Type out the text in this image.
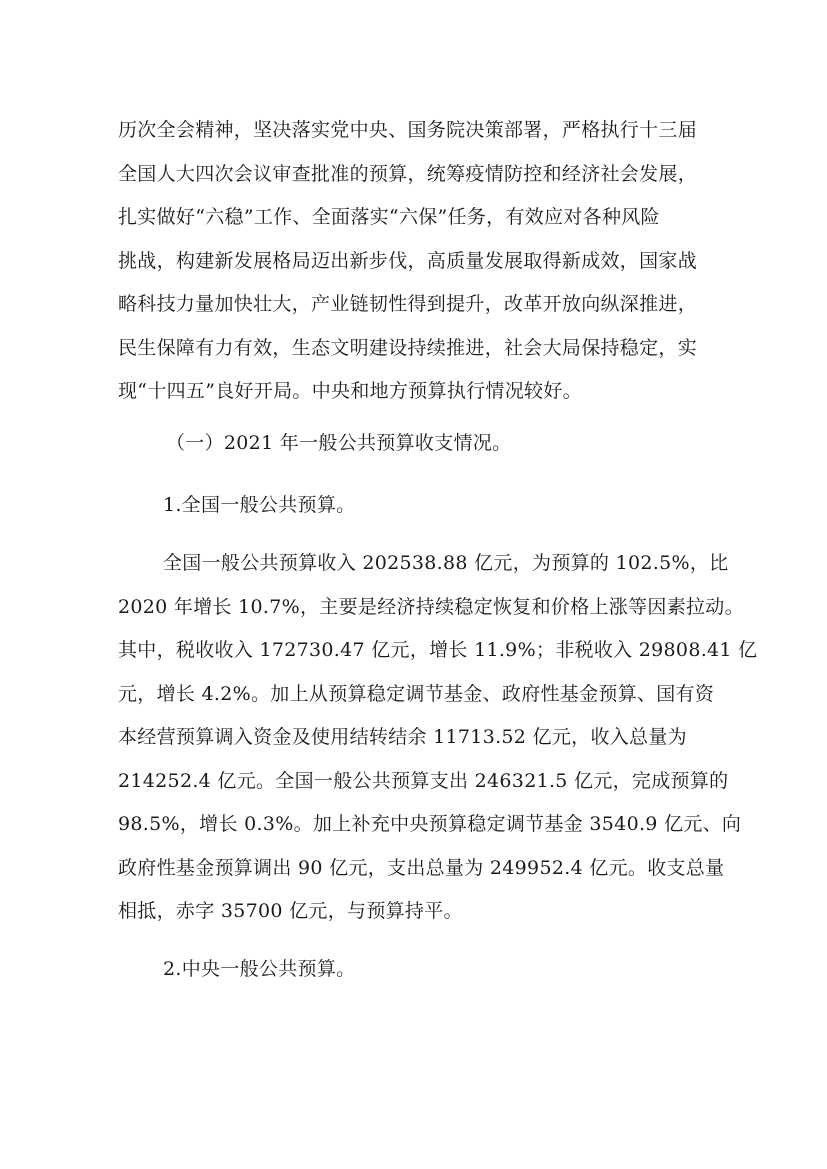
历次全会精神，坚决落实党中央、国务院决策部署，严格执行十三届
全国人大四次会议审查批准的预算，统筹疫情防控和经济社会发展，
扎实做好“六稳”工作、全面落实“六保”任务，有效应对各种风险
挑战，构建新发展格局迈出新步伐，高质量发展取得新成效，国家战
略科技力量加快壮大，产业链韧性得到提升，改革开放向纵深推进，
民生保障有力有效，生态文明建设持续推进，社会大局保持稳定，实
现“十四五”良好开局。中央和地方预算执行情况较好。
（一）2021 年一般公共预算收支情况。
1.全国一般公共预算。
全国一般公共预算收入 202538.88 亿元，为预算的 102.5%，比
2020 年增长 10.7%，主要是经济持续稳定恢复和价格上涨等因素拉动。
其中，税收收入 172730.47 亿元，增长 11.9%；非税收入 29808.41 亿
元，增长 4.2%。加上从预算稳定调节基金、政府性基金预算、国有资
本经营预算调入资金及使用结转结余 11713.52 亿元，收入总量为
214252.4 亿元。全国一般公共预算支出 246321.5 亿元，完成预算的
98.5%，增长 0.3%。加上补充中央预算稳定调节基金 3540.9 亿元、向
政府性基金预算调出 90 亿元，支出总量为 249952.4 亿元。收支总量
相抵，赤字 35700 亿元，与预算持平。
2.中央一般公共预算。
